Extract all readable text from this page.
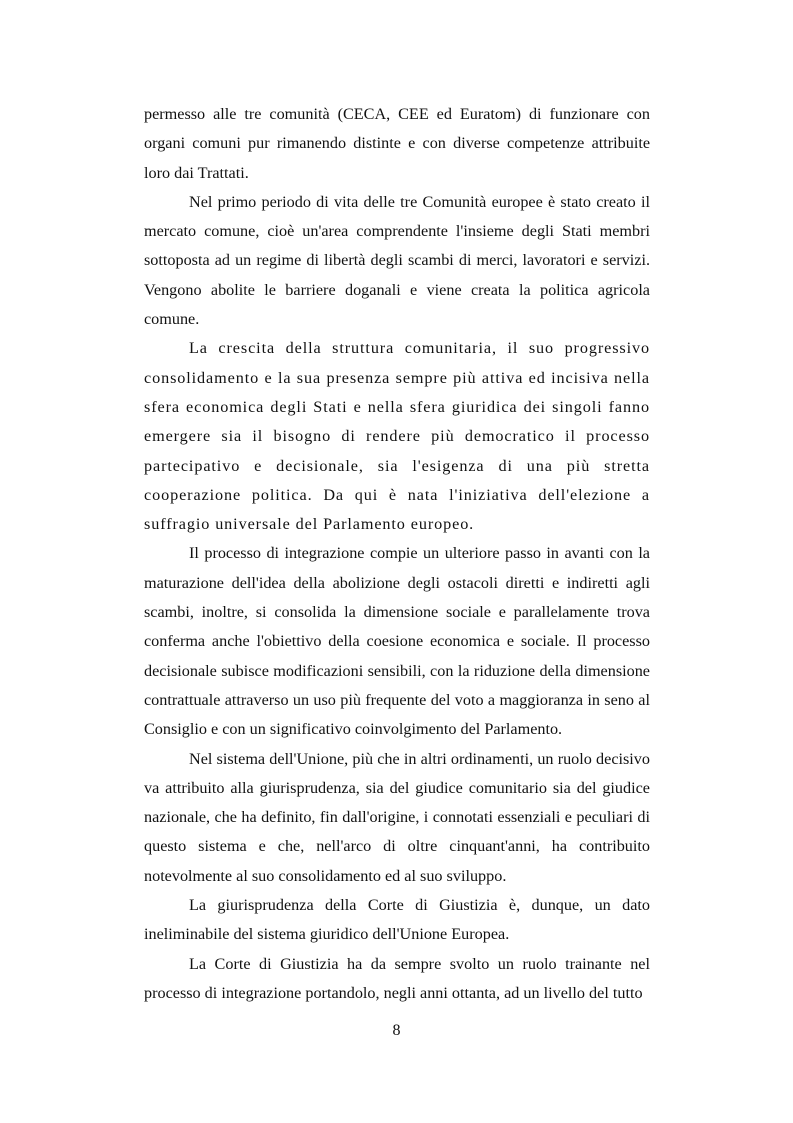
permesso alle tre comunità (CECA, CEE ed Euratom) di funzionare con organi comuni pur rimanendo distinte e con diverse competenze attribuite loro dai Trattati.

Nel primo periodo di vita delle tre Comunità europee è stato creato il mercato comune, cioè un'area comprendente l'insieme degli Stati membri sottoposta ad un regime di libertà degli scambi di merci, lavoratori e servizi. Vengono abolite le barriere doganali e viene creata la politica agricola comune.

La crescita della struttura comunitaria, il suo progressivo consolidamento e la sua presenza sempre più attiva ed incisiva nella sfera economica degli Stati e nella sfera giuridica dei singoli fanno emergere sia il bisogno di rendere più democratico il processo partecipativo e decisionale, sia l'esigenza di una più stretta cooperazione politica. Da qui è nata l'iniziativa dell'elezione a suffragio universale del Parlamento europeo.

Il processo di integrazione compie un ulteriore passo in avanti con la maturazione dell'idea della abolizione degli ostacoli diretti e indiretti agli scambi, inoltre, si consolida la dimensione sociale e parallelamente trova conferma anche l'obiettivo della coesione economica e sociale. Il processo decisionale subisce modificazioni sensibili, con la riduzione della dimensione contrattuale attraverso un uso più frequente del voto a maggioranza in seno al Consiglio e con un significativo coinvolgimento del Parlamento.

Nel sistema dell'Unione, più che in altri ordinamenti, un ruolo decisivo va attribuito alla giurisprudenza, sia del giudice comunitario sia del giudice nazionale, che ha definito, fin dall'origine, i connotati essenziali e peculiari di questo sistema e che, nell'arco di oltre cinquant'anni, ha contribuito notevolmente al suo consolidamento ed al suo sviluppo.

La giurisprudenza della Corte di Giustizia è, dunque, un dato ineliminabile del sistema giuridico dell'Unione Europea.

La Corte di Giustizia ha da sempre svolto un ruolo trainante nel processo di integrazione portandolo, negli anni ottanta, ad un livello del tutto

8
